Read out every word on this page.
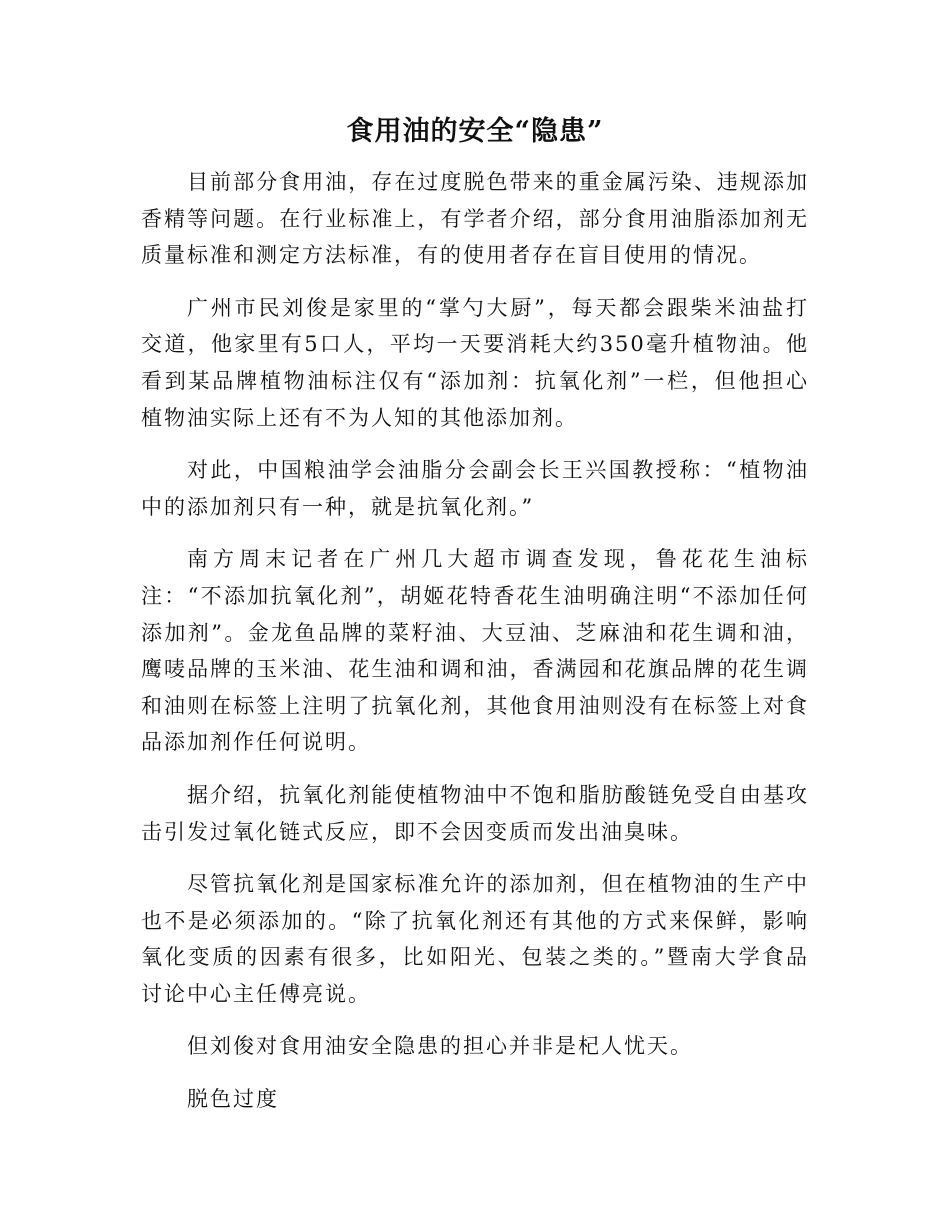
食用油的安全“隐患”

目前部分食用油，存在过度脱色带来的重金属污染、违规添加香精等问题。在行业标准上，有学者介绍，部分食用油脂添加剂无质量标准和测定方法标准，有的使用者存在盲目使用的情况。

广州市民刘俊是家里的“掌勺大厨”，每天都会跟柴米油盐打交道，他家里有5口人，平均一天要消耗大约350毫升植物油。他看到某品牌植物油标注仅有“添加剂：抗氧化剂”一栏，但他担心植物油实际上还有不为人知的其他添加剂。

对此，中国粮油学会油脂分会副会长王兴国教授称：“植物油中的添加剂只有一种，就是抗氧化剂。”

南方周末记者在广州几大超市调查发现，鲁花花生油标注：“不添加抗氧化剂”，胡姬花特香花生油明确注明“不添加任何添加剂”。金龙鱼品牌的菜籽油、大豆油、芝麻油和花生调和油，鹰唛品牌的玉米油、花生油和调和油，香满园和花旗品牌的花生调和油则在标签上注明了抗氧化剂，其他食用油则没有在标签上对食品添加剂作任何说明。

据介绍，抗氧化剂能使植物油中不饱和脂肪酸链免受自由基攻击引发过氧化链式反应，即不会因变质而发出油臭味。

尽管抗氧化剂是国家标准允许的添加剂，但在植物油的生产中也不是必须添加的。“除了抗氧化剂还有其他的方式来保鲜，影响氧化变质的因素有很多，比如阳光、包装之类的。”暨南大学食品讨论中心主任傅亮说。

但刘俊对食用油安全隐患的担心并非是杞人忧天。

脱色过度
